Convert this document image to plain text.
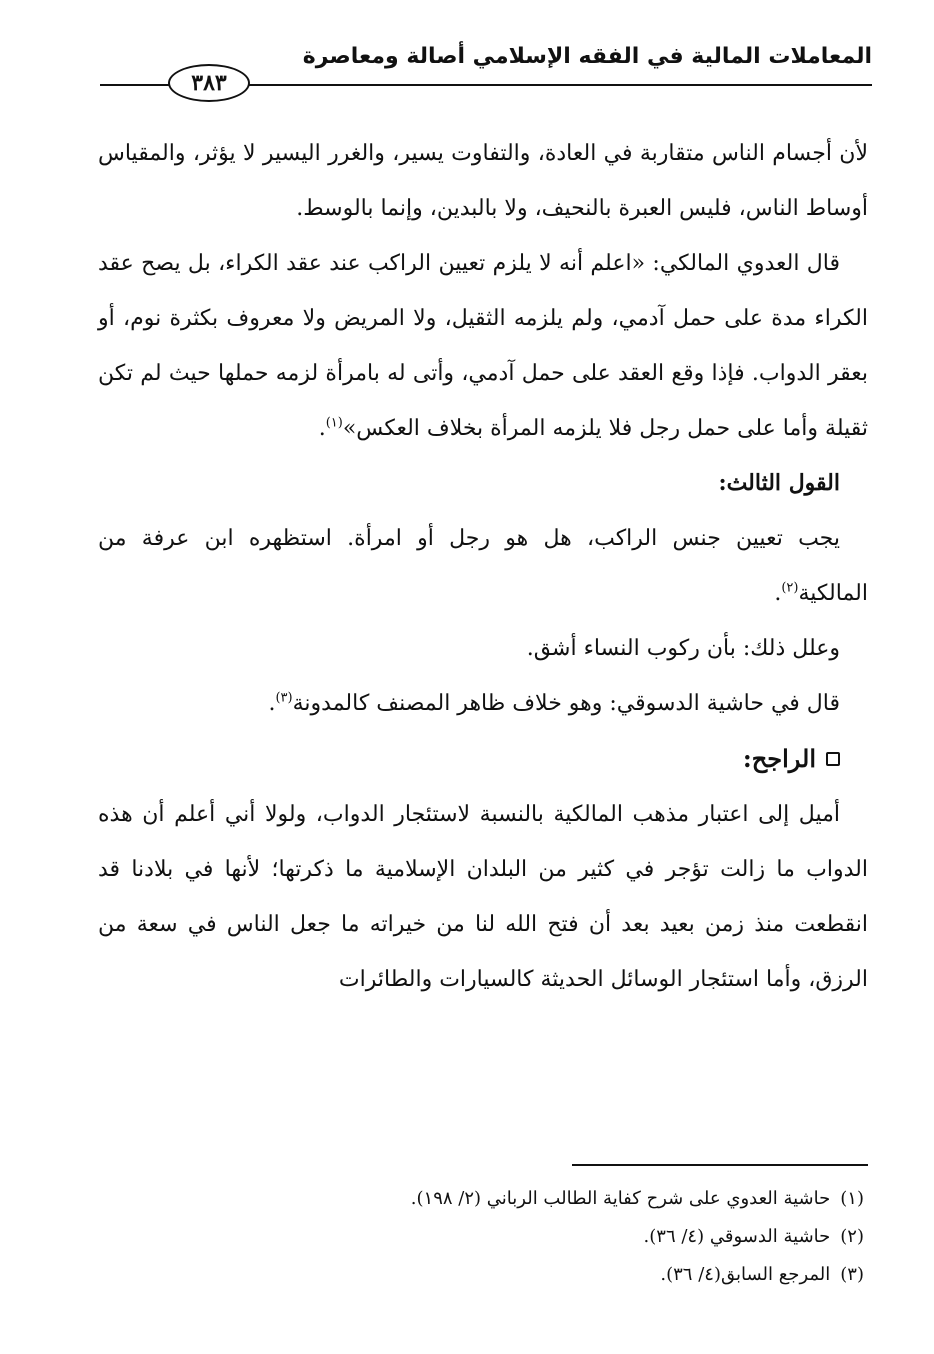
المعاملات المالية في الفقه الإسلامي أصالة ومعاصرة
٣٨٣

لأن أجسام الناس متقاربة في العادة، والتفاوت يسير، والغرر اليسير لا يؤثر، والمقياس أوساط الناس، فليس العبرة بالنحيف، ولا بالبدين، وإنما بالوسط.

قال العدوي المالكي: «اعلم أنه لا يلزم تعيين الراكب عند عقد الكراء، بل يصح عقد الكراء مدة على حمل آدمي، ولم يلزمه الثقيل، ولا المريض ولا معروف بكثرة نوم، أو بعقر الدواب. فإذا وقع العقد على حمل آدمي، وأتى له بامرأة لزمه حملها حيث لم تكن ثقيلة وأما على حمل رجل فلا يلزمه المرأة بخلاف العكس»$^{(١)}$.

القول الثالث:

يجب تعيين جنس الراكب، هل هو رجل أو امرأة. استظهره ابن عرفة من المالكية$^{(٢)}$.

وعلل ذلك: بأن ركوب النساء أشق.

قال في حاشية الدسوقي: وهو خلاف ظاهر المصنف كالمدونة$^{(٣)}$.

الراجح:

أميل إلى اعتبار مذهب المالكية بالنسبة لاستئجار الدواب، ولولا أني أعلم أن هذه الدواب ما زالت تؤجر في كثير من البلدان الإسلامية ما ذكرتها؛ لأنها في بلادنا قد انقطعت منذ زمن بعيد بعد أن فتح الله لنا من خيراته ما جعل الناس في سعة من الرزق، وأما استئجار الوسائل الحديثة كالسيارات والطائرات

(١)حاشية العدوي على شرح كفاية الطالب الرباني (٢/ ١٩٨).

(٢)حاشية الدسوقي (٤/ ٣٦).

(٣)المرجع السابق(٤/ ٣٦).
